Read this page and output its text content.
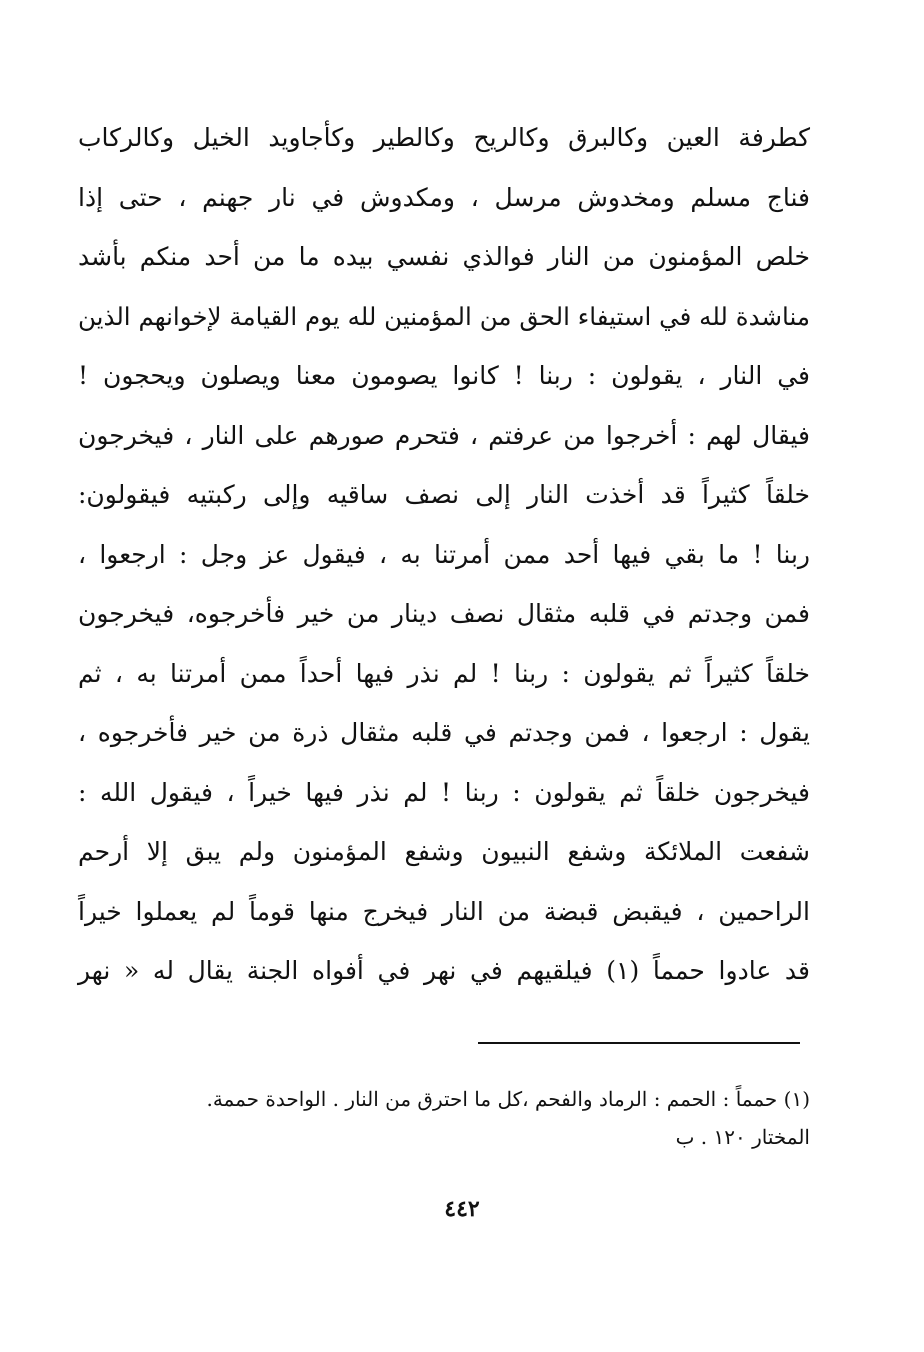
كطرفة العين وكالبرق وكالريح وكالطير وكأجاويد الخيل وكالركاب
فناج مسلم ومخدوش مرسل ، ومكدوش في نار جهنم ، حتى إذا
خلص المؤمنون من النار فوالذي نفسي بيده ما من أحد منكم بأشد
مناشدة لله في استيفاء الحق من المؤمنين لله يوم القيامة لإخوانهم الذين
في النار ، يقولون : ربنا ! كانوا يصومون معنا ويصلون ويحجون !
فيقال لهم : أخرجوا من عرفتم ، فتحرم صورهم على النار ، فيخرجون
خلقاً كثيراً قد أخذت النار إلى نصف ساقيه وإلى ركبتيه فيقولون:
ربنا ! ما بقي فيها أحد ممن أمرتنا به ، فيقول عز وجل : ارجعوا ،
فمن وجدتم في قلبه مثقال نصف دينار من خير فأخرجوه، فيخرجون
خلقاً كثيراً ثم يقولون : ربنا ! لم نذر فيها أحداً ممن أمرتنا به ، ثم
يقول : ارجعوا ، فمن وجدتم في قلبه مثقال ذرة من خير فأخرجوه ،
فيخرجون خلقاً ثم يقولون : ربنا ! لم نذر فيها خيراً ، فيقول الله :
شفعت الملائكة وشفع النبيون وشفع المؤمنون ولم يبق إلا أرحم
الراحمين ، فيقبض قبضة من النار فيخرج منها قوماً لم يعملوا خيراً
قد عادوا حمماً (١) فيلقيهم في نهر في أفواه الجنة يقال له « نهر
(١) حمماً : الحمم : الرماد والفحم ،كل ما احترق من النار . الواحدة حممة.
المختار ١٢٠ . ب
٤٤٢
